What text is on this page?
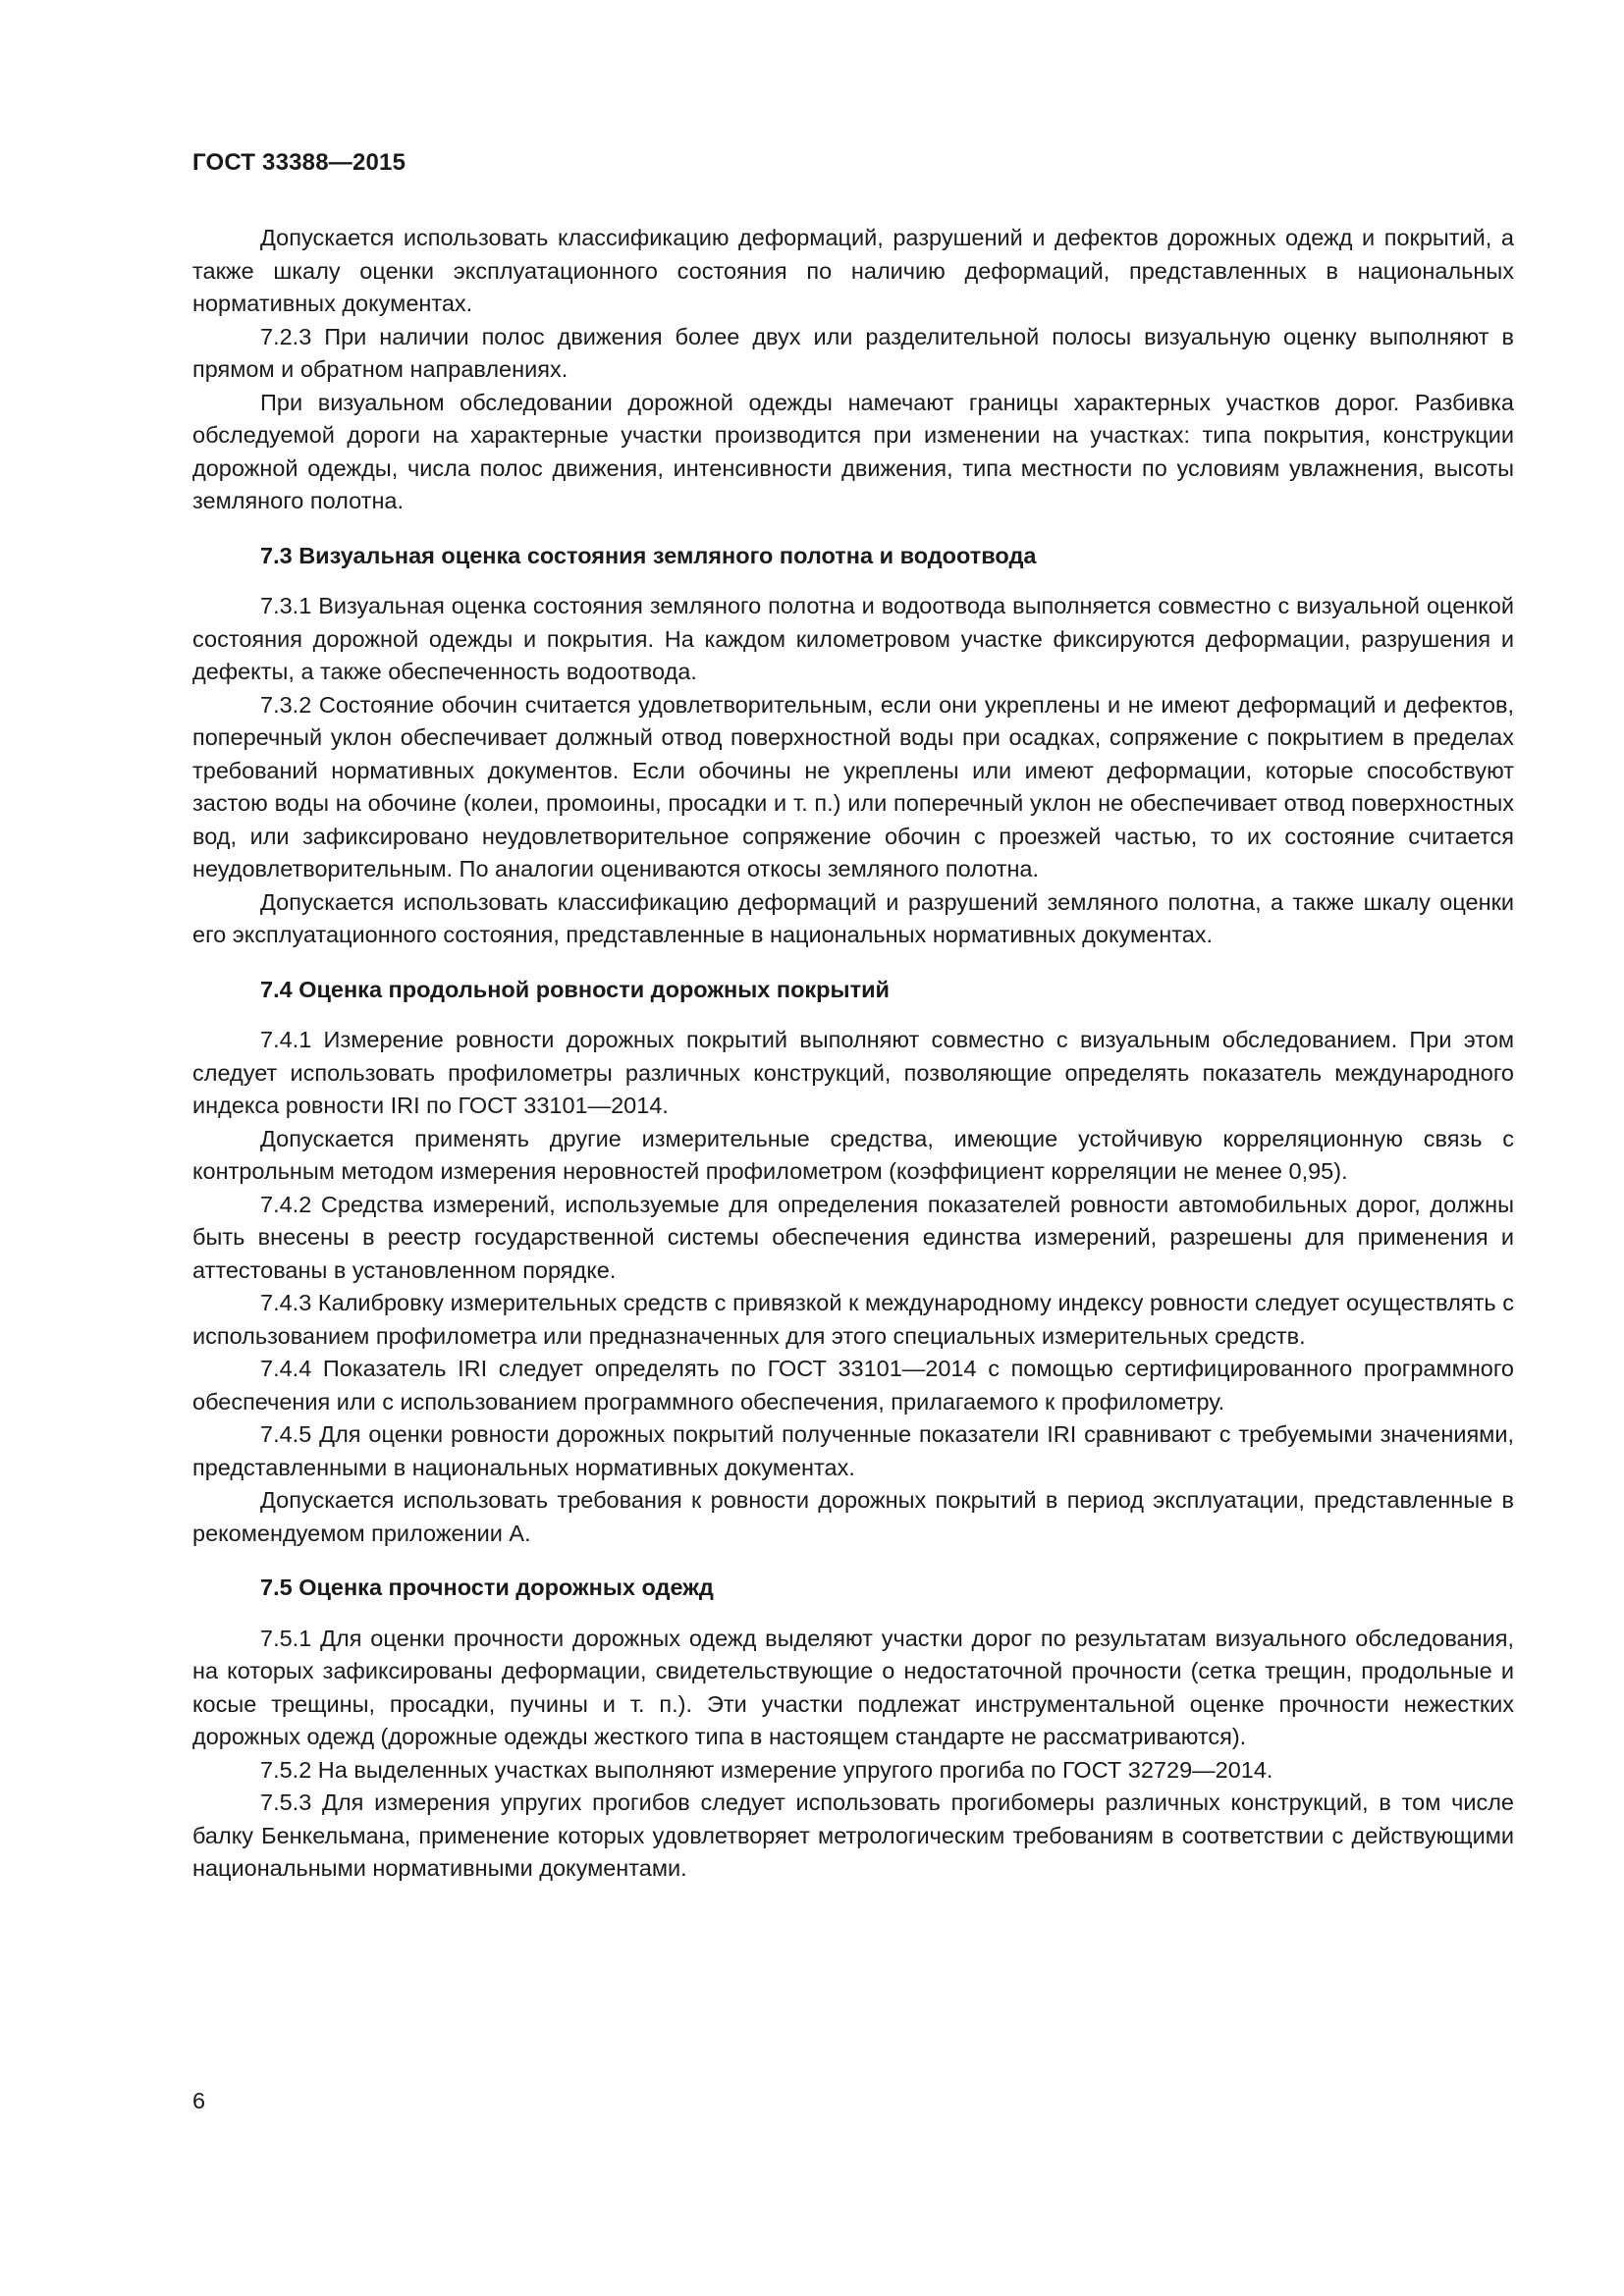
ГОСТ 33388—2015

Допускается использовать классификацию деформаций, разрушений и дефектов дорожных одежд и покрытий, а также шкалу оценки эксплуатационного состояния по наличию деформаций, представленных в национальных нормативных документах.

7.2.3 При наличии полос движения более двух или разделительной полосы визуальную оценку выполняют в прямом и обратном направлениях.

При визуальном обследовании дорожной одежды намечают границы характерных участков дорог. Разбивка обследуемой дороги на характерные участки производится при изменении на участках: типа покрытия, конструкции дорожной одежды, числа полос движения, интенсивности движения, типа местности по условиям увлажнения, высоты земляного полотна.

7.3 Визуальная оценка состояния земляного полотна и водоотвода

7.3.1 Визуальная оценка состояния земляного полотна и водоотвода выполняется совместно с визуальной оценкой состояния дорожной одежды и покрытия. На каждом километровом участке фиксируются деформации, разрушения и дефекты, а также обеспеченность водоотвода.

7.3.2 Состояние обочин считается удовлетворительным, если они укреплены и не имеют деформаций и дефектов, поперечный уклон обеспечивает должный отвод поверхностной воды при осадках, сопряжение с покрытием в пределах требований нормативных документов. Если обочины не укреплены или имеют деформации, которые способствуют застою воды на обочине (колеи, промоины, просадки и т. п.) или поперечный уклон не обеспечивает отвод поверхностных вод, или зафиксировано неудовлетворительное сопряжение обочин с проезжей частью, то их состояние считается неудовлетворительным. По аналогии оцениваются откосы земляного полотна.

Допускается использовать классификацию деформаций и разрушений земляного полотна, а также шкалу оценки его эксплуатационного состояния, представленные в национальных нормативных документах.

7.4 Оценка продольной ровности дорожных покрытий

7.4.1 Измерение ровности дорожных покрытий выполняют совместно с визуальным обследованием. При этом следует использовать профилометры различных конструкций, позволяющие определять показатель международного индекса ровности IRI по ГОСТ 33101—2014.

Допускается применять другие измерительные средства, имеющие устойчивую корреляционную связь с контрольным методом измерения неровностей профилометром (коэффициент корреляции не менее 0,95).

7.4.2 Средства измерений, используемые для определения показателей ровности автомобильных дорог, должны быть внесены в реестр государственной системы обеспечения единства измерений, разрешены для применения и аттестованы в установленном порядке.

7.4.3 Калибровку измерительных средств с привязкой к международному индексу ровности следует осуществлять с использованием профилометра или предназначенных для этого специальных измерительных средств.

7.4.4 Показатель IRI следует определять по ГОСТ 33101—2014 с помощью сертифицированного программного обеспечения или с использованием программного обеспечения, прилагаемого к профилометру.

7.4.5 Для оценки ровности дорожных покрытий полученные показатели IRI сравнивают с требуемыми значениями, представленными в национальных нормативных документах.

Допускается использовать требования к ровности дорожных покрытий в период эксплуатации, представленные в рекомендуемом приложении А.

7.5 Оценка прочности дорожных одежд

7.5.1 Для оценки прочности дорожных одежд выделяют участки дорог по результатам визуального обследования, на которых зафиксированы деформации, свидетельствующие о недостаточной прочности (сетка трещин, продольные и косые трещины, просадки, пучины и т. п.). Эти участки подлежат инструментальной оценке прочности нежестких дорожных одежд (дорожные одежды жесткого типа в настоящем стандарте не рассматриваются).

7.5.2 На выделенных участках выполняют измерение упругого прогиба по ГОСТ 32729—2014.

7.5.3 Для измерения упругих прогибов следует использовать прогибомеры различных конструкций, в том числе балку Бенкельмана, применение которых удовлетворяет метрологическим требованиям в соответствии с действующими национальными нормативными документами.

6
